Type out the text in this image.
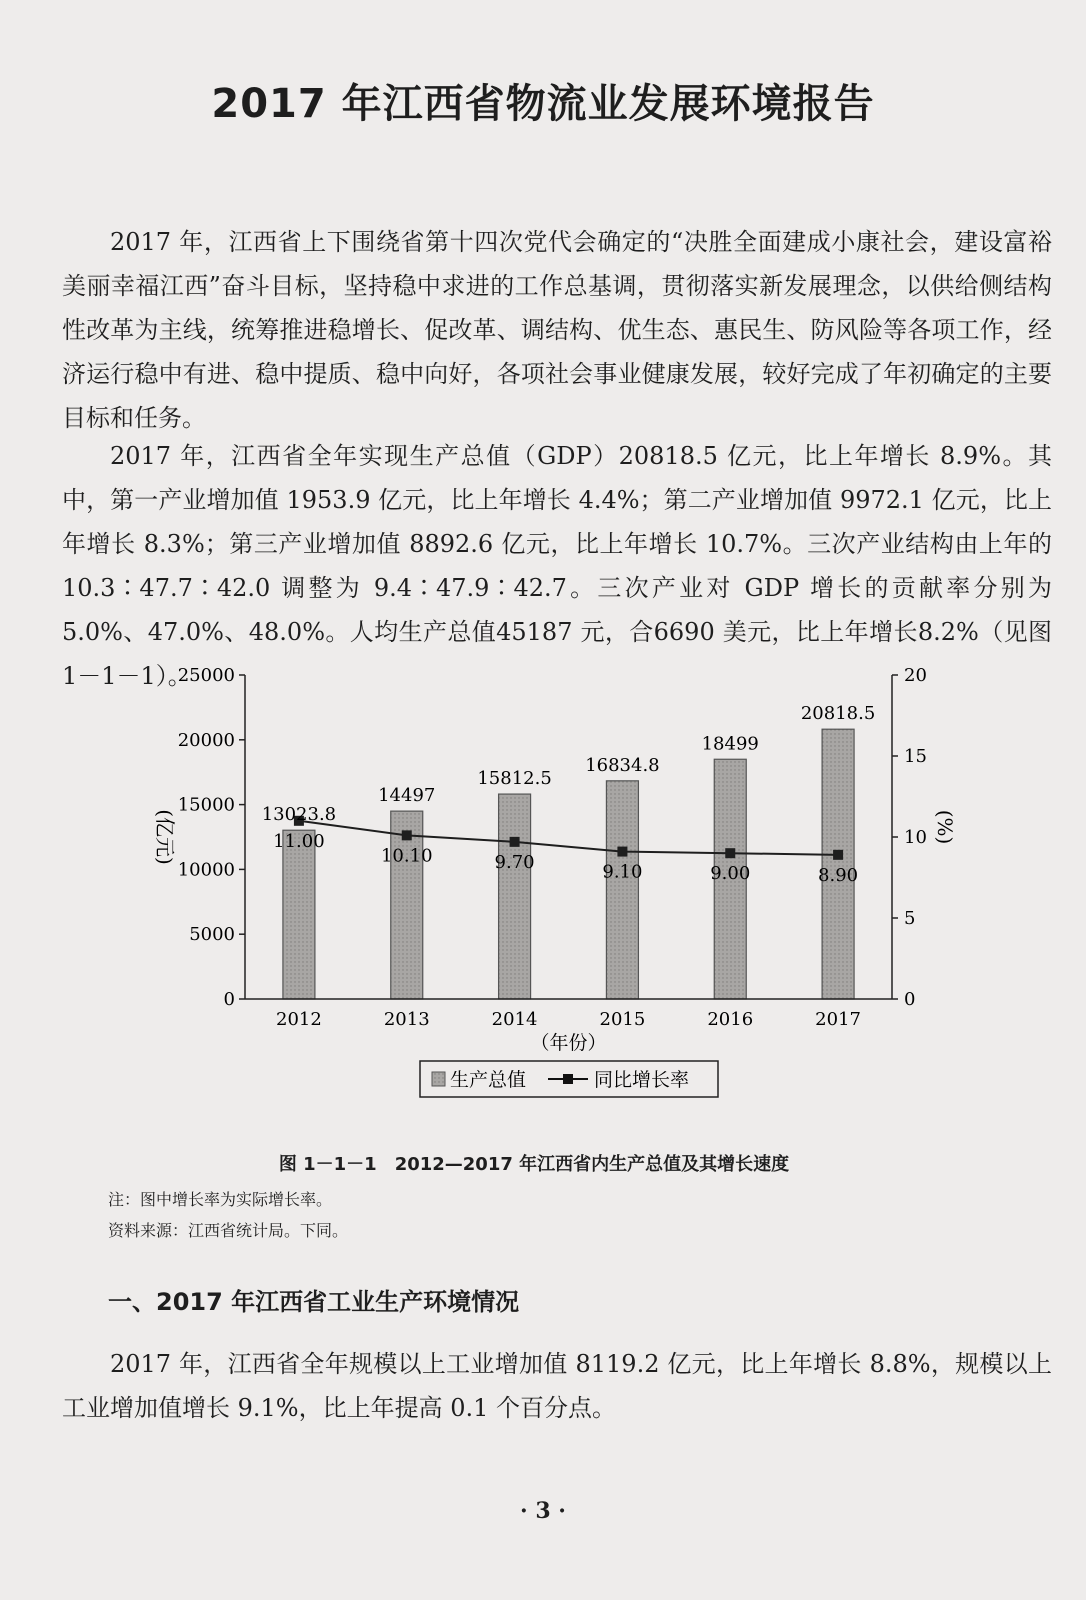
2017 年江西省物流业发展环境报告

2017 年，江西省上下围绕省第十四次党代会确定的“决胜全面建成小康社会，建设富裕美丽幸福江西”奋斗目标，坚持稳中求进的工作总基调，贯彻落实新发展理念，以供给侧结构性改革为主线，统筹推进稳增长、促改革、调结构、优生态、惠民生、防风险等各项工作，经济运行稳中有进、稳中提质、稳中向好，各项社会事业健康发展，较好完成了年初确定的主要目标和任务。

2017 年，江西省全年实现生产总值（GDP）20818.5 亿元，比上年增长 8.9%。其中，第一产业增加值 1953.9 亿元，比上年增长 4.4%；第二产业增加值 9972.1 亿元，比上年增长 8.3%；第三产业增加值 8892.6 亿元，比上年增长 10.7%。三次产业结构由上年的 10.3∶47.7∶42.0 调整为 9.4∶47.9∶42.7。三次产业对 GDP 增长的贡献率分别为 5.0%、47.0%、48.0%。人均生产总值45187 元，合6690 美元，比上年增长8.2%（见图1－1－1）。

13023.8
14497
15812.5
16834.8
18499
20818.5
11.00
10.10	9.70	9.10	9.00	8.90
0
5000
10000
15000
20000
25000
0
5
10
15
20
2012	2013	2014	2015	2016	2017
(亿元)	(%)
（年份）
生产总值	同比增长率
图 1－1－1 2012—2017 年江西省内生产总值及其增长速度
注：图中增长率为实际增长率。
资料来源：江西省统计局。下同。
一、2017 年江西省工业生产环境情况

2017 年，江西省全年规模以上工业增加值 8119.2 亿元，比上年增长 8.8%，规模以上工业增加值增长 9.1%，比上年提高 0.1 个百分点。

· 3 ·
